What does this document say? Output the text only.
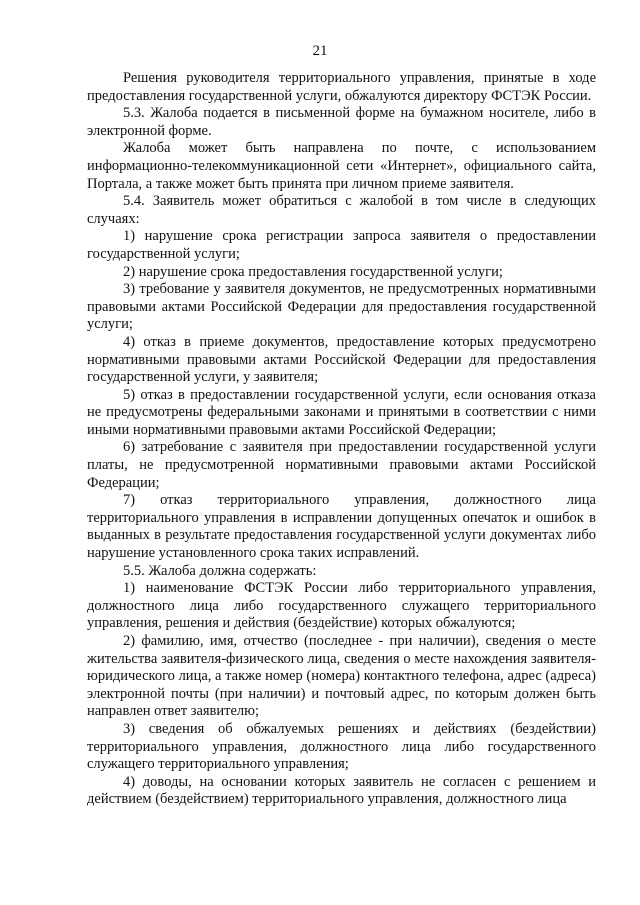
21

Решения руководителя территориального управления, принятые в ходе предоставления государственной услуги, обжалуются директору ФСТЭК России.

5.3. Жалоба подается в письменной форме на бумажном носителе, либо в электронной форме.

Жалоба может быть направлена по почте, с использованием информационно-телекоммуникационной сети «Интернет», официального сайта, Портала, а также может быть принята при личном приеме заявителя.

5.4. Заявитель может обратиться с жалобой в том числе в следующих случаях:

1) нарушение срока регистрации запроса заявителя о предоставлении государственной услуги;

2) нарушение срока предоставления государственной услуги;

3) требование у заявителя документов, не предусмотренных нормативными правовыми актами Российской Федерации для предоставления государственной услуги;

4) отказ в приеме документов, предоставление которых предусмотрено нормативными правовыми актами Российской Федерации для предоставления государственной услуги, у заявителя;

5) отказ в предоставлении государственной услуги, если основания отказа не предусмотрены федеральными законами и принятыми в соответствии с ними иными нормативными правовыми актами Российской Федерации;

6) затребование с заявителя при предоставлении государственной услуги платы, не предусмотренной нормативными правовыми актами Российской Федерации;

7) отказ территориального управления, должностного лица территориального управления в исправлении допущенных опечаток и ошибок в выданных в результате предоставления государственной услуги документах либо нарушение установленного срока таких исправлений.

5.5. Жалоба должна содержать:

1) наименование ФСТЭК России либо территориального управления, должностного лица либо государственного служащего территориального управления, решения и действия (бездействие) которых обжалуются;

2) фамилию, имя, отчество (последнее - при наличии), сведения о месте жительства заявителя-физического лица, сведения о месте нахождения заявителя-юридического лица, а также номер (номера) контактного телефона, адрес (адреса) электронной почты (при наличии) и почтовый адрес, по которым должен быть направлен ответ заявителю;

3) сведения об обжалуемых решениях и действиях (бездействии) территориального управления, должностного лица либо государственного служащего территориального управления;

4) доводы, на основании которых заявитель не согласен с решением и действием (бездействием) территориального управления, должностного лица
